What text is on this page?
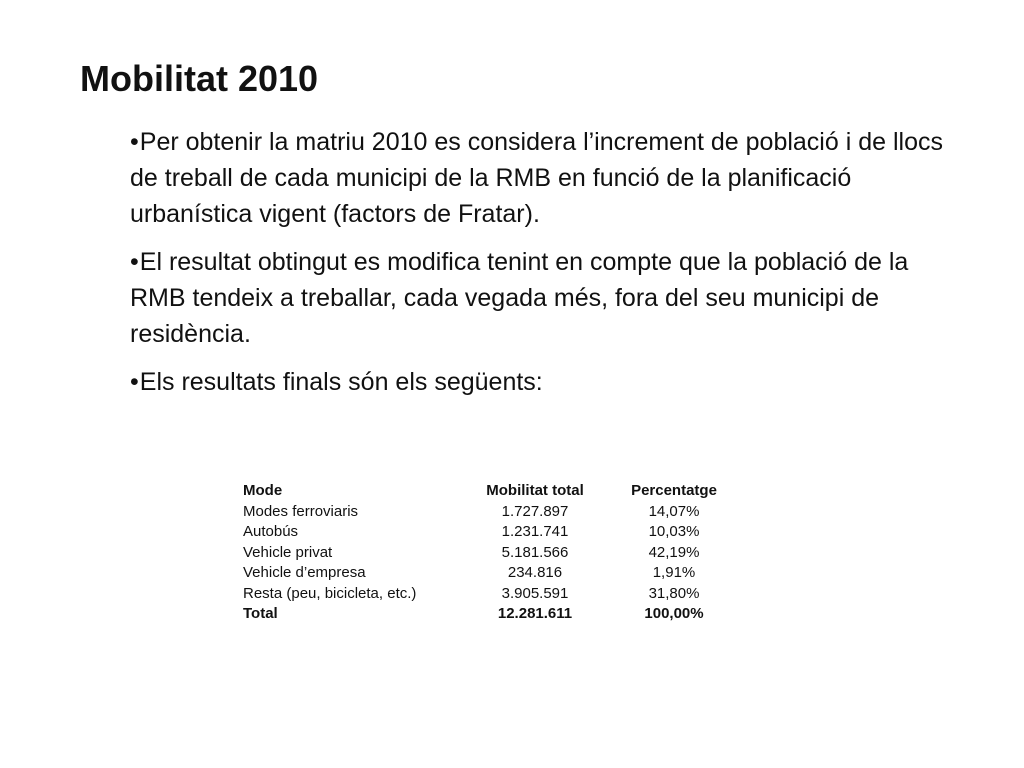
Mobilitat 2010
•Per obtenir la matriu 2010 es considera l’increment de població i de llocs de treball de cada municipi de la RMB en funció de la planificació urbanística vigent (factors de Fratar).
•El resultat obtingut es modifica tenint en compte que la població de la RMB tendeix a treballar, cada vegada més, fora del seu municipi de residència.
•Els resultats finals són els següents:
Mode	Mobilitat total	Percentatge
Modes ferroviaris	1.727.897	14,07%
Autobús	1.231.741	10,03%
Vehicle privat	5.181.566	42,19%
Vehicle d’empresa	234.816	1,91%
Resta (peu, bicicleta, etc.)	3.905.591	31,80%
Total	12.281.611	100,00%
